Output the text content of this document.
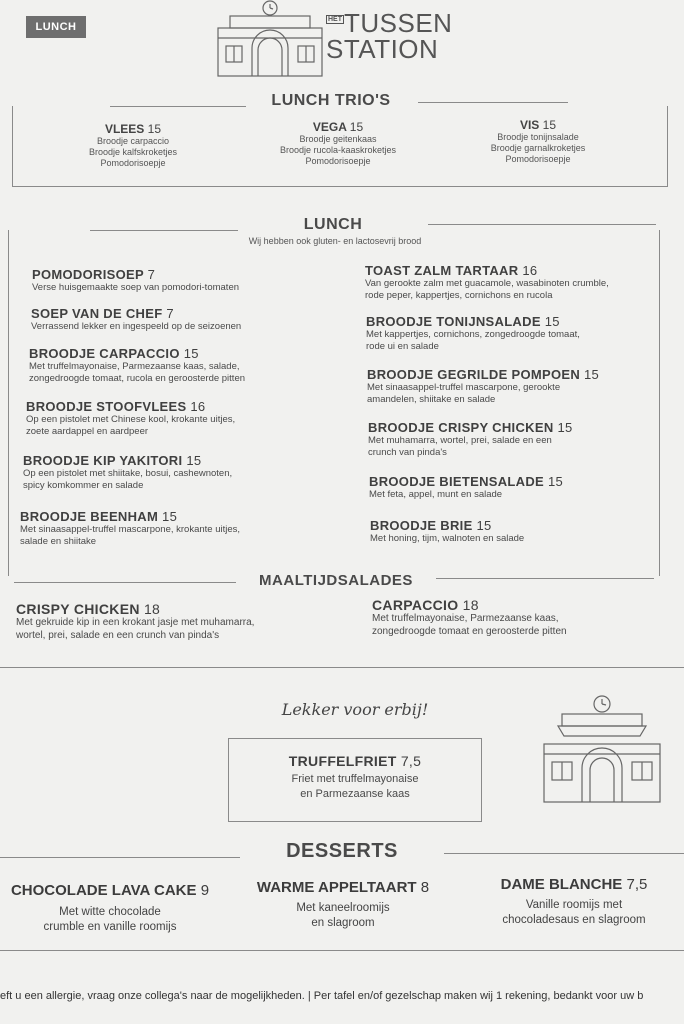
LUNCH
$^{HET}$TUSSEN
STATION
LUNCH TRIO'S
VLEES 15
Broodje carpaccio
Broodje kalfskroketjes
Pomodorisoepje
VEGA 15
Broodje geitenkaas
Broodje rucola-kaaskroketjes
Pomodorisoepje
VIS 15
Broodje tonijnsalade
Broodje garnalkroketjes
Pomodorisoepje
LUNCH
Wij hebben ook gluten- en lactosevrij brood
POMODORISOEP 7
Verse huisgemaakte soep van pomodori-tomaten
SOEP VAN DE CHEF 7
Verrassend lekker en ingespeeld op de seizoenen
BROODJE CARPACCIO 15
Met truffelmayonaise, Parmezaanse kaas, salade,
zongedroogde tomaat, rucola en geroosterde pitten
BROODJE STOOFVLEES 16
Op een pistolet met Chinese kool, krokante uitjes,
zoete aardappel en aardpeer
BROODJE KIP YAKITORI 15
Op een pistolet met shiitake, bosui, cashewnoten,
spicy komkommer en salade
BROODJE BEENHAM 15
Met sinaasappel-truffel mascarpone, krokante uitjes,
salade en shiitake
TOAST ZALM TARTAAR 16
Van gerookte zalm met guacamole, wasabinoten crumble,
rode peper, kappertjes, cornichons en rucola
BROODJE TONIJNSALADE 15
Met kappertjes, cornichons, zongedroogde tomaat,
rode ui en salade
BROODJE GEGRILDE POMPOEN 15
Met sinaasappel-truffel mascarpone, gerookte
amandelen, shiitake en salade
BROODJE CRISPY CHICKEN 15
Met muhamarra, wortel, prei, salade en een
crunch van pinda's
BROODJE BIETENSALADE 15
Met feta, appel, munt en salade
BROODJE BRIE 15
Met honing, tijm, walnoten en salade
MAALTIJDSALADES
CRISPY CHICKEN 18
Met gekruide kip in een krokant jasje met muhamarra,
wortel, prei, salade en een crunch van pinda's
CARPACCIO 18
Met truffelmayonaise, Parmezaanse kaas,
zongedroogde tomaat en geroosterde pitten
Lekker voor erbij!
TRUFFELFRIET 7,5
Friet met truffelmayonaise
en Parmezaanse kaas
DESSERTS
CHOCOLADE LAVA CAKE 9
Met witte chocolade
crumble en vanille roomijs
WARME APPELTAART 8
Met kaneelroomijs
en slagroom
DAME BLANCHE 7,5
Vanille roomijs met
chocoladesaus en slagroom
eft u een allergie, vraag onze collega's naar de mogelijkheden. | Per tafel en/of gezelschap maken wij 1 rekening, bedankt voor uw b
